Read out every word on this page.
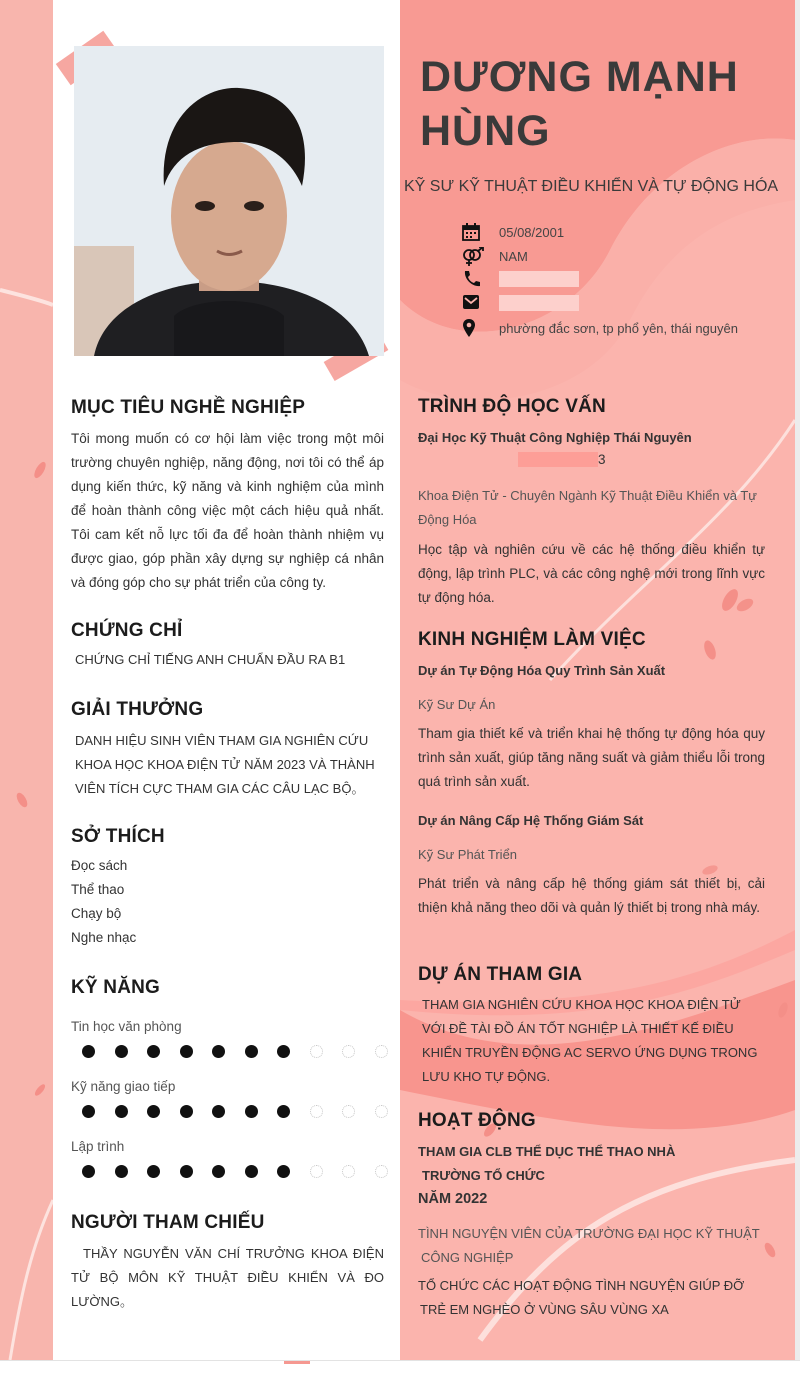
DƯƠNG MẠNH
HÙNG
KỸ SƯ KỸ THUẬT ĐIỀU KHIỂN VÀ TỰ ĐỘNG HÓA
05/08/2001
NAM
phường đắc sơn, tp phổ yên, thái nguyên
MỤC TIÊU NGHỀ NGHIỆP
Tôi mong muốn có cơ hội làm việc trong một môi trường chuyên nghiệp, năng động, nơi tôi có thể áp dụng kiến thức, kỹ năng và kinh nghiệm của mình để hoàn thành công việc một cách hiệu quả nhất. Tôi cam kết nỗ lực tối đa để hoàn thành nhiệm vụ được giao, góp phần xây dựng sự nghiệp cá nhân và đóng góp cho sự phát triển của công ty.
CHỨNG CHỈ
CHỨNG CHỈ TIẾNG ANH CHUẨN ĐẦU RA B1
GIẢI THƯỞNG
DANH HIỆU SINH VIÊN THAM GIA NGHIÊN CỨU KHOA HỌC KHOA ĐIỆN TỬ NĂM 2023 VÀ THÀNH VIÊN TÍCH CỰC THAM GIA CÁC CÂU LẠC BỘ。
SỞ THÍCH
Đọc sách
Thể thao
Chạy bộ
Nghe nhạc
KỸ NĂNG
Tin học văn phòng
Kỹ năng giao tiếp
Lập trình
NGƯỜI THAM CHIẾU
THẦY NGUYỄN VĂN CHÍ TRƯỞNG KHOA ĐIỆN TỬ BỘ MÔN KỸ THUẬT ĐIỀU KHIỂN VÀ ĐO LƯỜNG。
TRÌNH ĐỘ HỌC VẤN
Đại Học Kỹ Thuật Công Nghiệp Thái Nguyên
3
Khoa Điện Tử - Chuyên Ngành Kỹ Thuật Điều Khiển và Tự Động Hóa
Học tập và nghiên cứu về các hệ thống điều khiển tự động, lập trình PLC, và các công nghệ mới trong lĩnh vực tự động hóa.
KINH NGHIỆM LÀM VIỆC
Dự án Tự Động Hóa Quy Trình Sản Xuất
Kỹ Sư Dự Án
Tham gia thiết kế và triển khai hệ thống tự động hóa quy trình sản xuất, giúp tăng năng suất và giảm thiểu lỗi trong quá trình sản xuất.
Dự án Nâng Cấp Hệ Thống Giám Sát
Kỹ Sư Phát Triển
Phát triển và nâng cấp hệ thống giám sát thiết bị, cải thiện khả năng theo dõi và quản lý thiết bị trong nhà máy.
DỰ ÁN THAM GIA
THAM GIA NGHIÊN CỨU KHOA HỌC KHOA ĐIỆN TỬ
VỚI ĐỀ TÀI ĐỒ ÁN TỐT NGHIỆP LÀ THIẾT KẾ ĐIỀU
KHIỂN TRUYỀN ĐỘNG AC SERVO ỨNG DỤNG TRONG
LƯU KHO TỰ ĐỘNG.
HOẠT ĐỘNG
THAM GIA CLB THỂ DỤC THỂ THAO NHÀ
TRƯỜNG TỔ CHỨC
NĂM 2022
TÌNH NGUYỆN VIÊN CỦA TRƯỜNG ĐẠI HỌC KỸ THUẬT
CÔNG NGHIỆP
TỔ CHỨC CÁC HOẠT ĐỘNG TÌNH NGUYỆN GIÚP ĐỠ
TRẺ EM NGHÈO Ở VÙNG SÂU VÙNG XA
